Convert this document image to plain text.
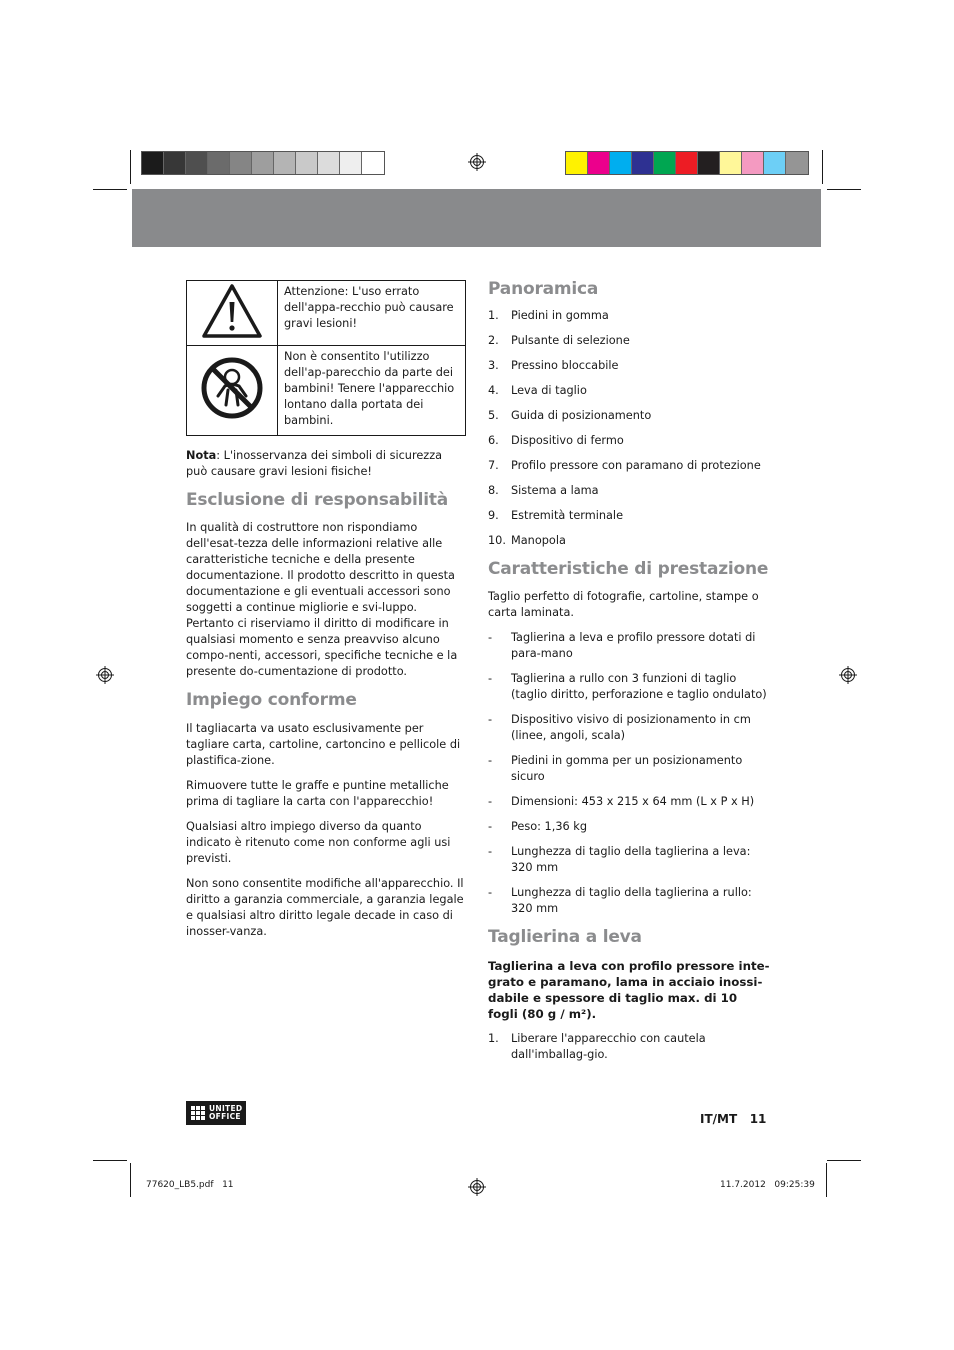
	Attenzione: L'uso errato dell'appa-recchio può causare gravi lesioni!
	Non è consentito l'utilizzo dell'ap-parecchio da parte dei bambini! Tenere l'apparecchio lontano dalla portata dei bambini.

Nota: L'inosservanza dei simboli di sicurezza può causare gravi lesioni fisiche!

Esclusione di responsabilità

In qualità di costruttore non rispondiamo dell'esat-tezza delle informazioni relative alle caratteristiche tecniche e della presente documentazione. Il prodotto descritto in questa documentazione e gli eventuali accessori sono soggetti a continue migliorie e svi-luppo. Pertanto ci riserviamo il diritto di modificare in qualsiasi momento e senza preavviso alcuno compo-nenti, accessori, specifiche tecniche e la presente do-cumentazione di prodotto.

Impiego conforme

Il tagliacarta va usato esclusivamente per tagliare carta, cartoline, cartoncino e pellicole di plastifica-zione.

Rimuovere tutte le graffe e puntine metalliche prima di tagliare la carta con l'apparecchio!

Qualsiasi altro impiego diverso da quanto indicato è ritenuto come non conforme agli usi previsti.

Non sono consentite modifiche all'apparecchio. Il diritto a garanzia commerciale, a garanzia legale e qualsiasi altro diritto legale decade in caso di inosser-vanza.

Panoramica
1. Piedini in gomma
2. Pulsante di selezione
3. Pressino bloccabile
4. Leva di taglio
5. Guida di posizionamento
6. Dispositivo di fermo
7. Profilo pressore con paramano di protezione
8. Sistema a lama
9. Estremità terminale
10. Manopola
Caratteristiche di prestazione

Taglio perfetto di fotografie, cartoline, stampe o carta laminata.

- Taglierina a leva e profilo pressore dotati di para-mano
- Taglierina a rullo con 3 funzioni di taglio (taglio diritto, perforazione e taglio ondulato)
- Dispositivo visivo di posizionamento in cm (linee, angoli, scala)
- Piedini in gomma per un posizionamento sicuro
- Dimensioni: 453 x 215 x 64 mm (L x P x H)
- Peso: 1,36 kg
- Lunghezza di taglio della taglierina a leva: 320 mm
- Lunghezza di taglio della taglierina a rullo: 320 mm
Taglierina a leva

Taglierina a leva con profilo pressore inte-grato e paramano, lama in acciaio inossi-dabile e spessore di taglio max. di 10 fogli (80 g / m²).

1. Liberare l'apparecchio con cautela dall'imballag-gio.
UNITED
OFFICE	IT/MT   11
77620_LB5.pdf   11	11.7.2012   09:25:39
